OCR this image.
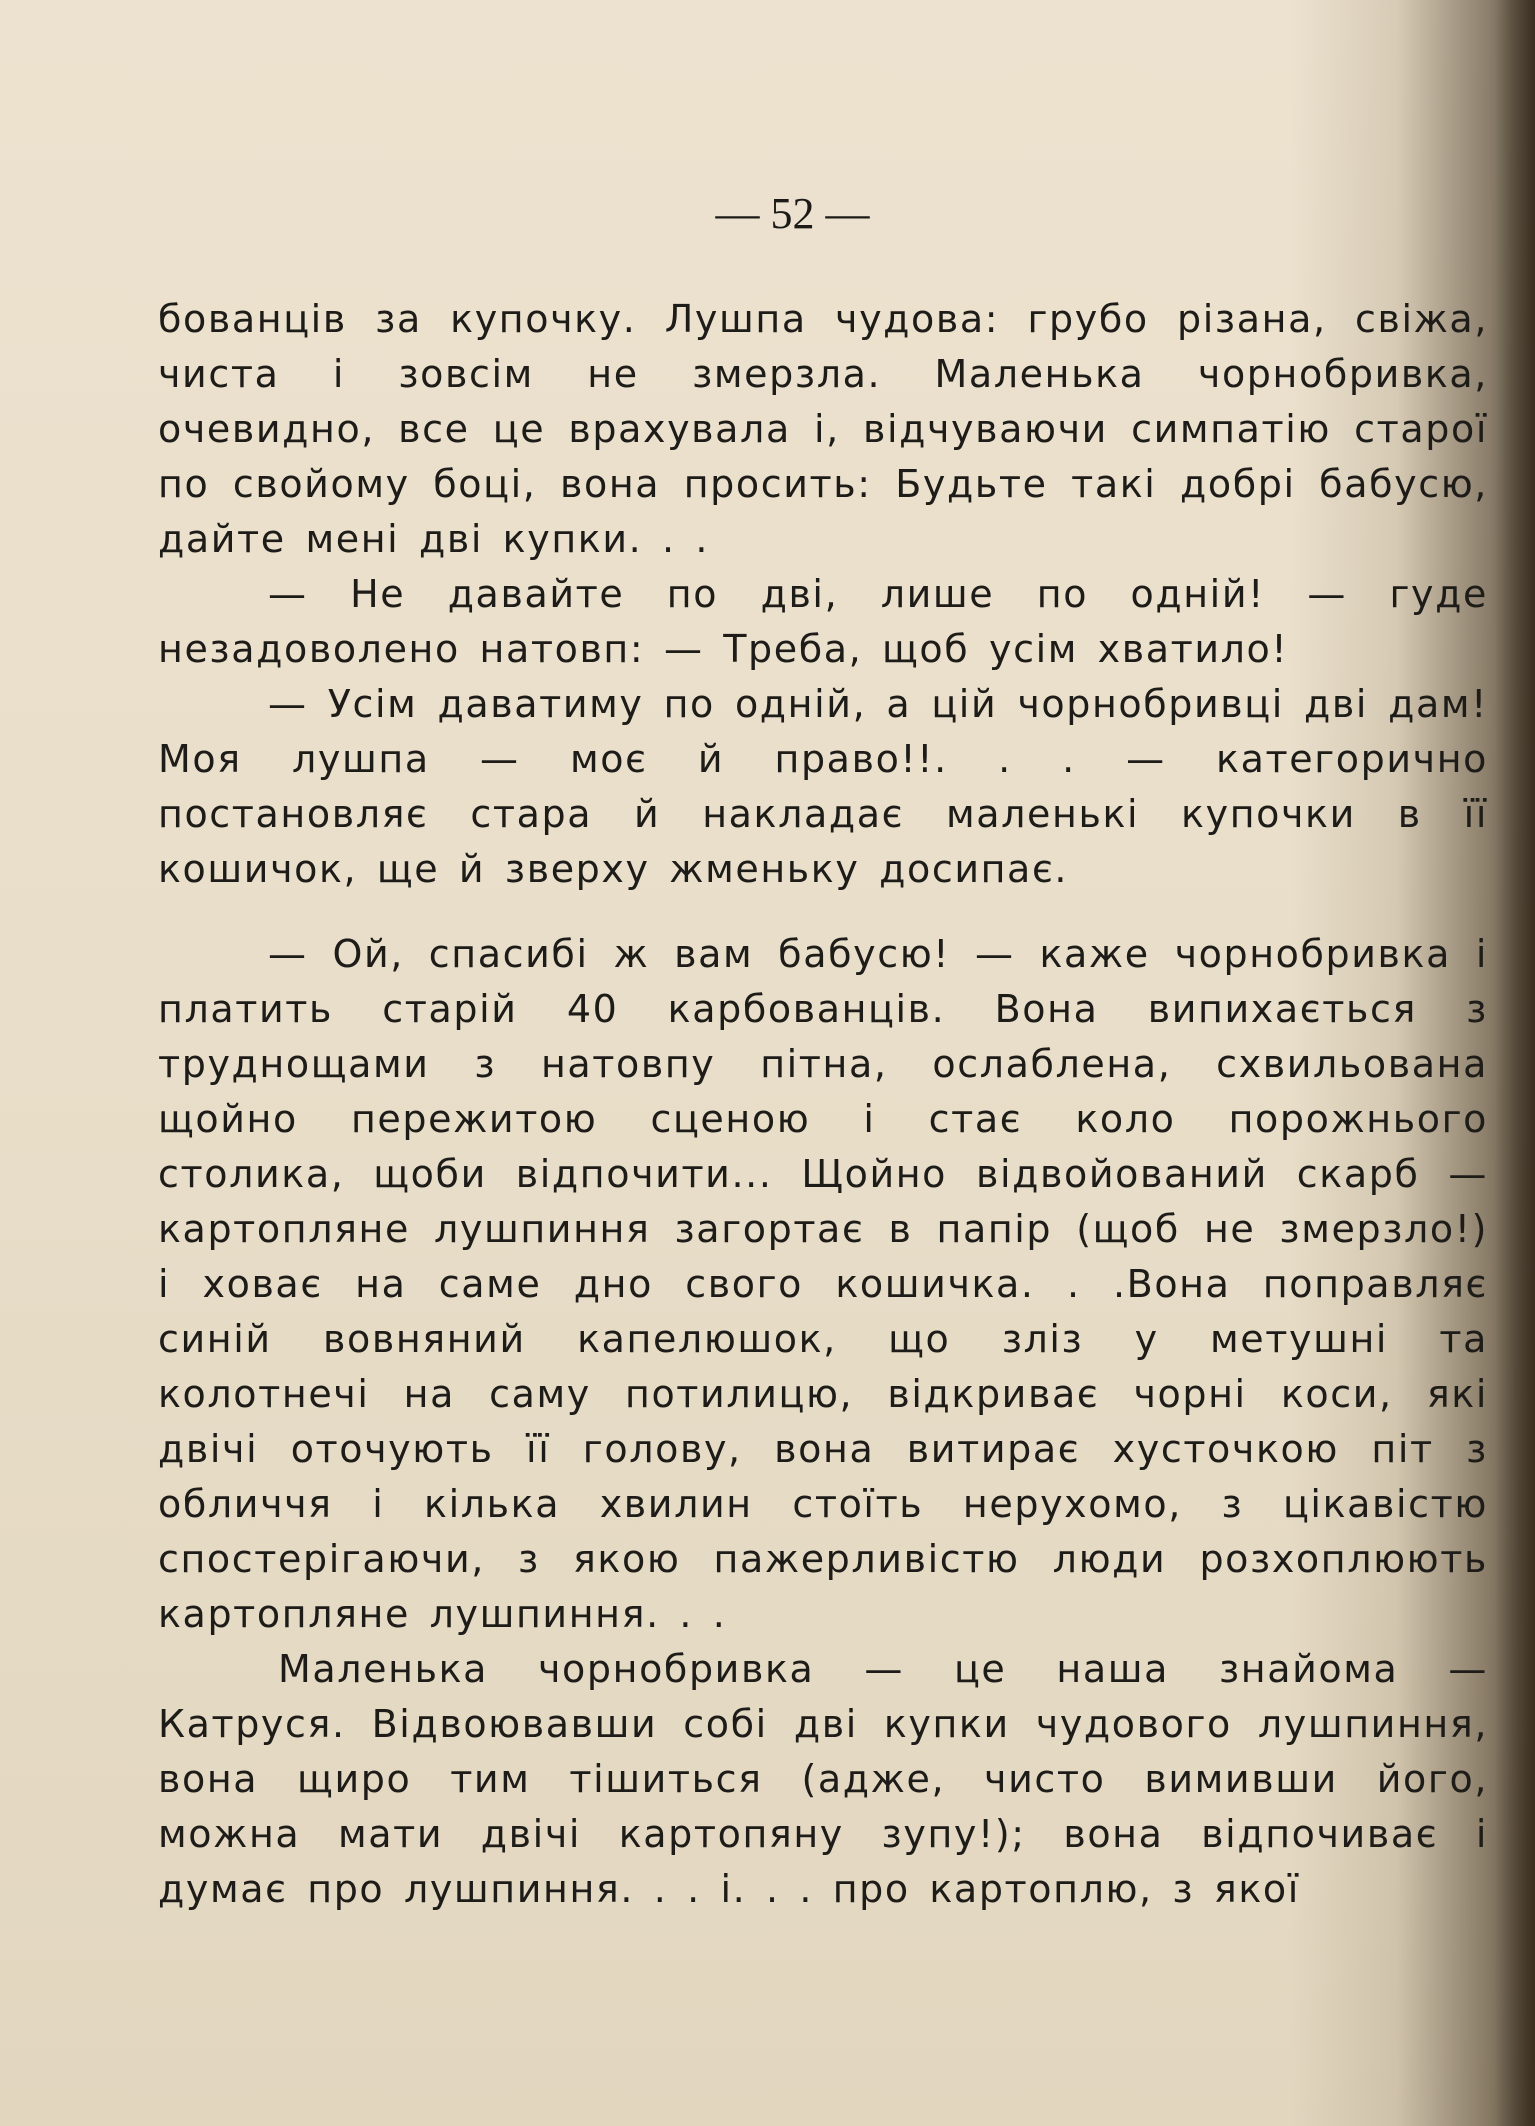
— 52 —

бованців за купочку. Лушпа чудова: грубо різана, свіжа, чиста і зовсім не змерзла. Маленька чорнобривка, очевидно, все це врахувала і, відчуваючи симпатію старої по свойому боці, вона просить: Будьте такі добрі бабусю, дайте мені дві купки. . .

— Не давайте по дві, лише по одній! — гуде незадоволено натовп: — Треба, щоб усім хватило!

— Усім даватиму по одній, а цій чорнобривці дві дам! Моя лушпа — моє й право!!. . . — категорично постановляє стара й накладає маленькі купочки в її кошичок, ще й зверху жменьку досипає.

— Ой, спасибі ж вам бабусю! — каже чорнобривка і платить старій 40 карбованців. Вона випихається з труднощами з натовпу пітна, ослаблена, схвильована щойно пережитою сценою і стає коло порожнього столика, щоби відпочити... Щойно відвойований скарб — картопляне лушпиння загортає в папір (щоб не змерзло!) і ховає на саме дно свого кошичка. . .Вона поправляє синій вовняний капелюшок, що зліз у метушні та колотнечі на саму потилицю, відкриває чорні коси, які двічі оточують її голову, вона витирає хусточкою піт з обличчя і кілька хвилин стоїть нерухомо, з цікавістю спостерігаючи, з якою пажерливістю люди розхоплюють картопляне лушпиння. . .

Маленька чорнобривка — це наша знайома — Катруся. Відвоювавши собі дві купки чудового лушпиння, вона щиро тим тішиться (адже, чисто вимивши його, можна мати двічі картопяну зупу!); вона відпочиває і думає про лушпиння. . . і. . . про картоплю, з якої
